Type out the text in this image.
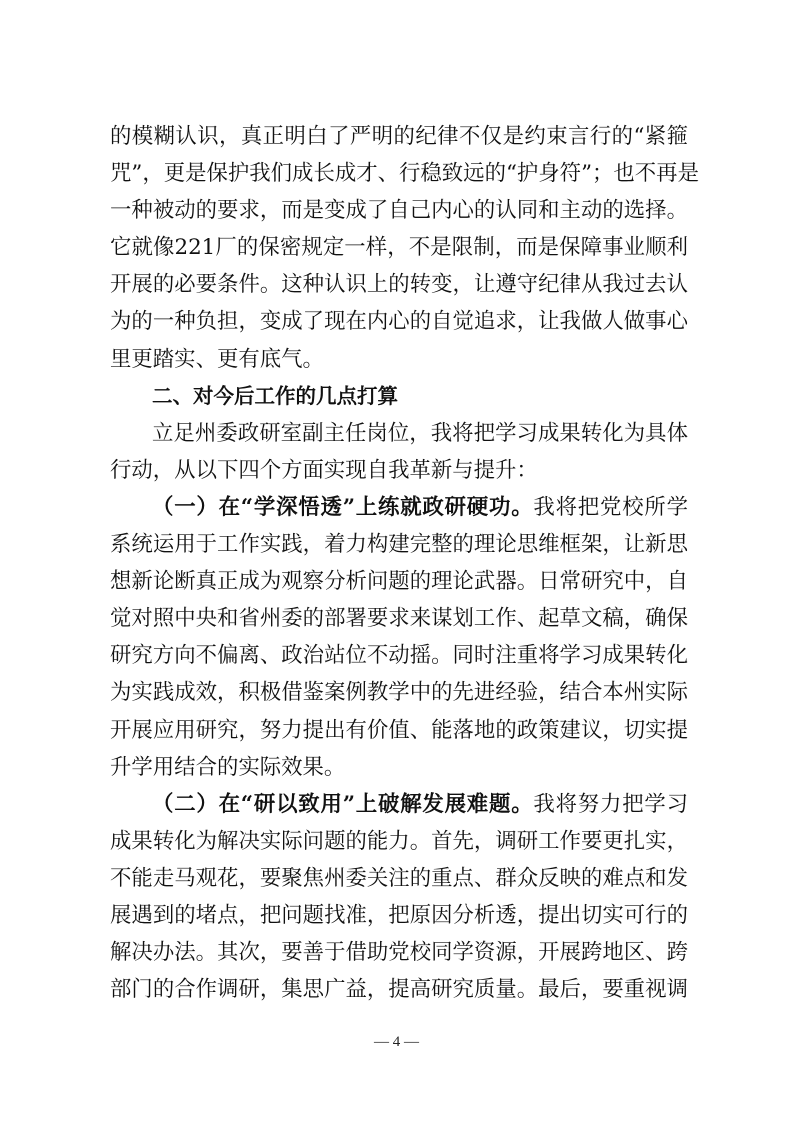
的模糊认识，真正明白了严明的纪律不仅是约束言行的“紧箍
咒”，更是保护我们成长成才、行稳致远的“护身符”；也不再是
一种被动的要求，而是变成了自己内心的认同和主动的选择。
它就像221厂的保密规定一样，不是限制，而是保障事业顺利
开展的必要条件。这种认识上的转变，让遵守纪律从我过去认
为的一种负担，变成了现在内心的自觉追求，让我做人做事心
里更踏实、更有底气。
二、对今后工作的几点打算
立足州委政研室副主任岗位，我将把学习成果转化为具体
行动，从以下四个方面实现自我革新与提升：
（一）在“学深悟透”上练就政研硬功。我将把党校所学
系统运用于工作实践，着力构建完整的理论思维框架，让新思
想新论断真正成为观察分析问题的理论武器。日常研究中，自
觉对照中央和省州委的部署要求来谋划工作、起草文稿，确保
研究方向不偏离、政治站位不动摇。同时注重将学习成果转化
为实践成效，积极借鉴案例教学中的先进经验，结合本州实际
开展应用研究，努力提出有价值、能落地的政策建议，切实提
升学用结合的实际效果。
（二）在“研以致用”上破解发展难题。我将努力把学习
成果转化为解决实际问题的能力。首先，调研工作要更扎实，
不能走马观花，要聚焦州委关注的重点、群众反映的难点和发
展遇到的堵点，把问题找准，把原因分析透，提出切实可行的
解决办法。其次，要善于借助党校同学资源，开展跨地区、跨
部门的合作调研，集思广益，提高研究质量。最后，要重视调
— 4 —
